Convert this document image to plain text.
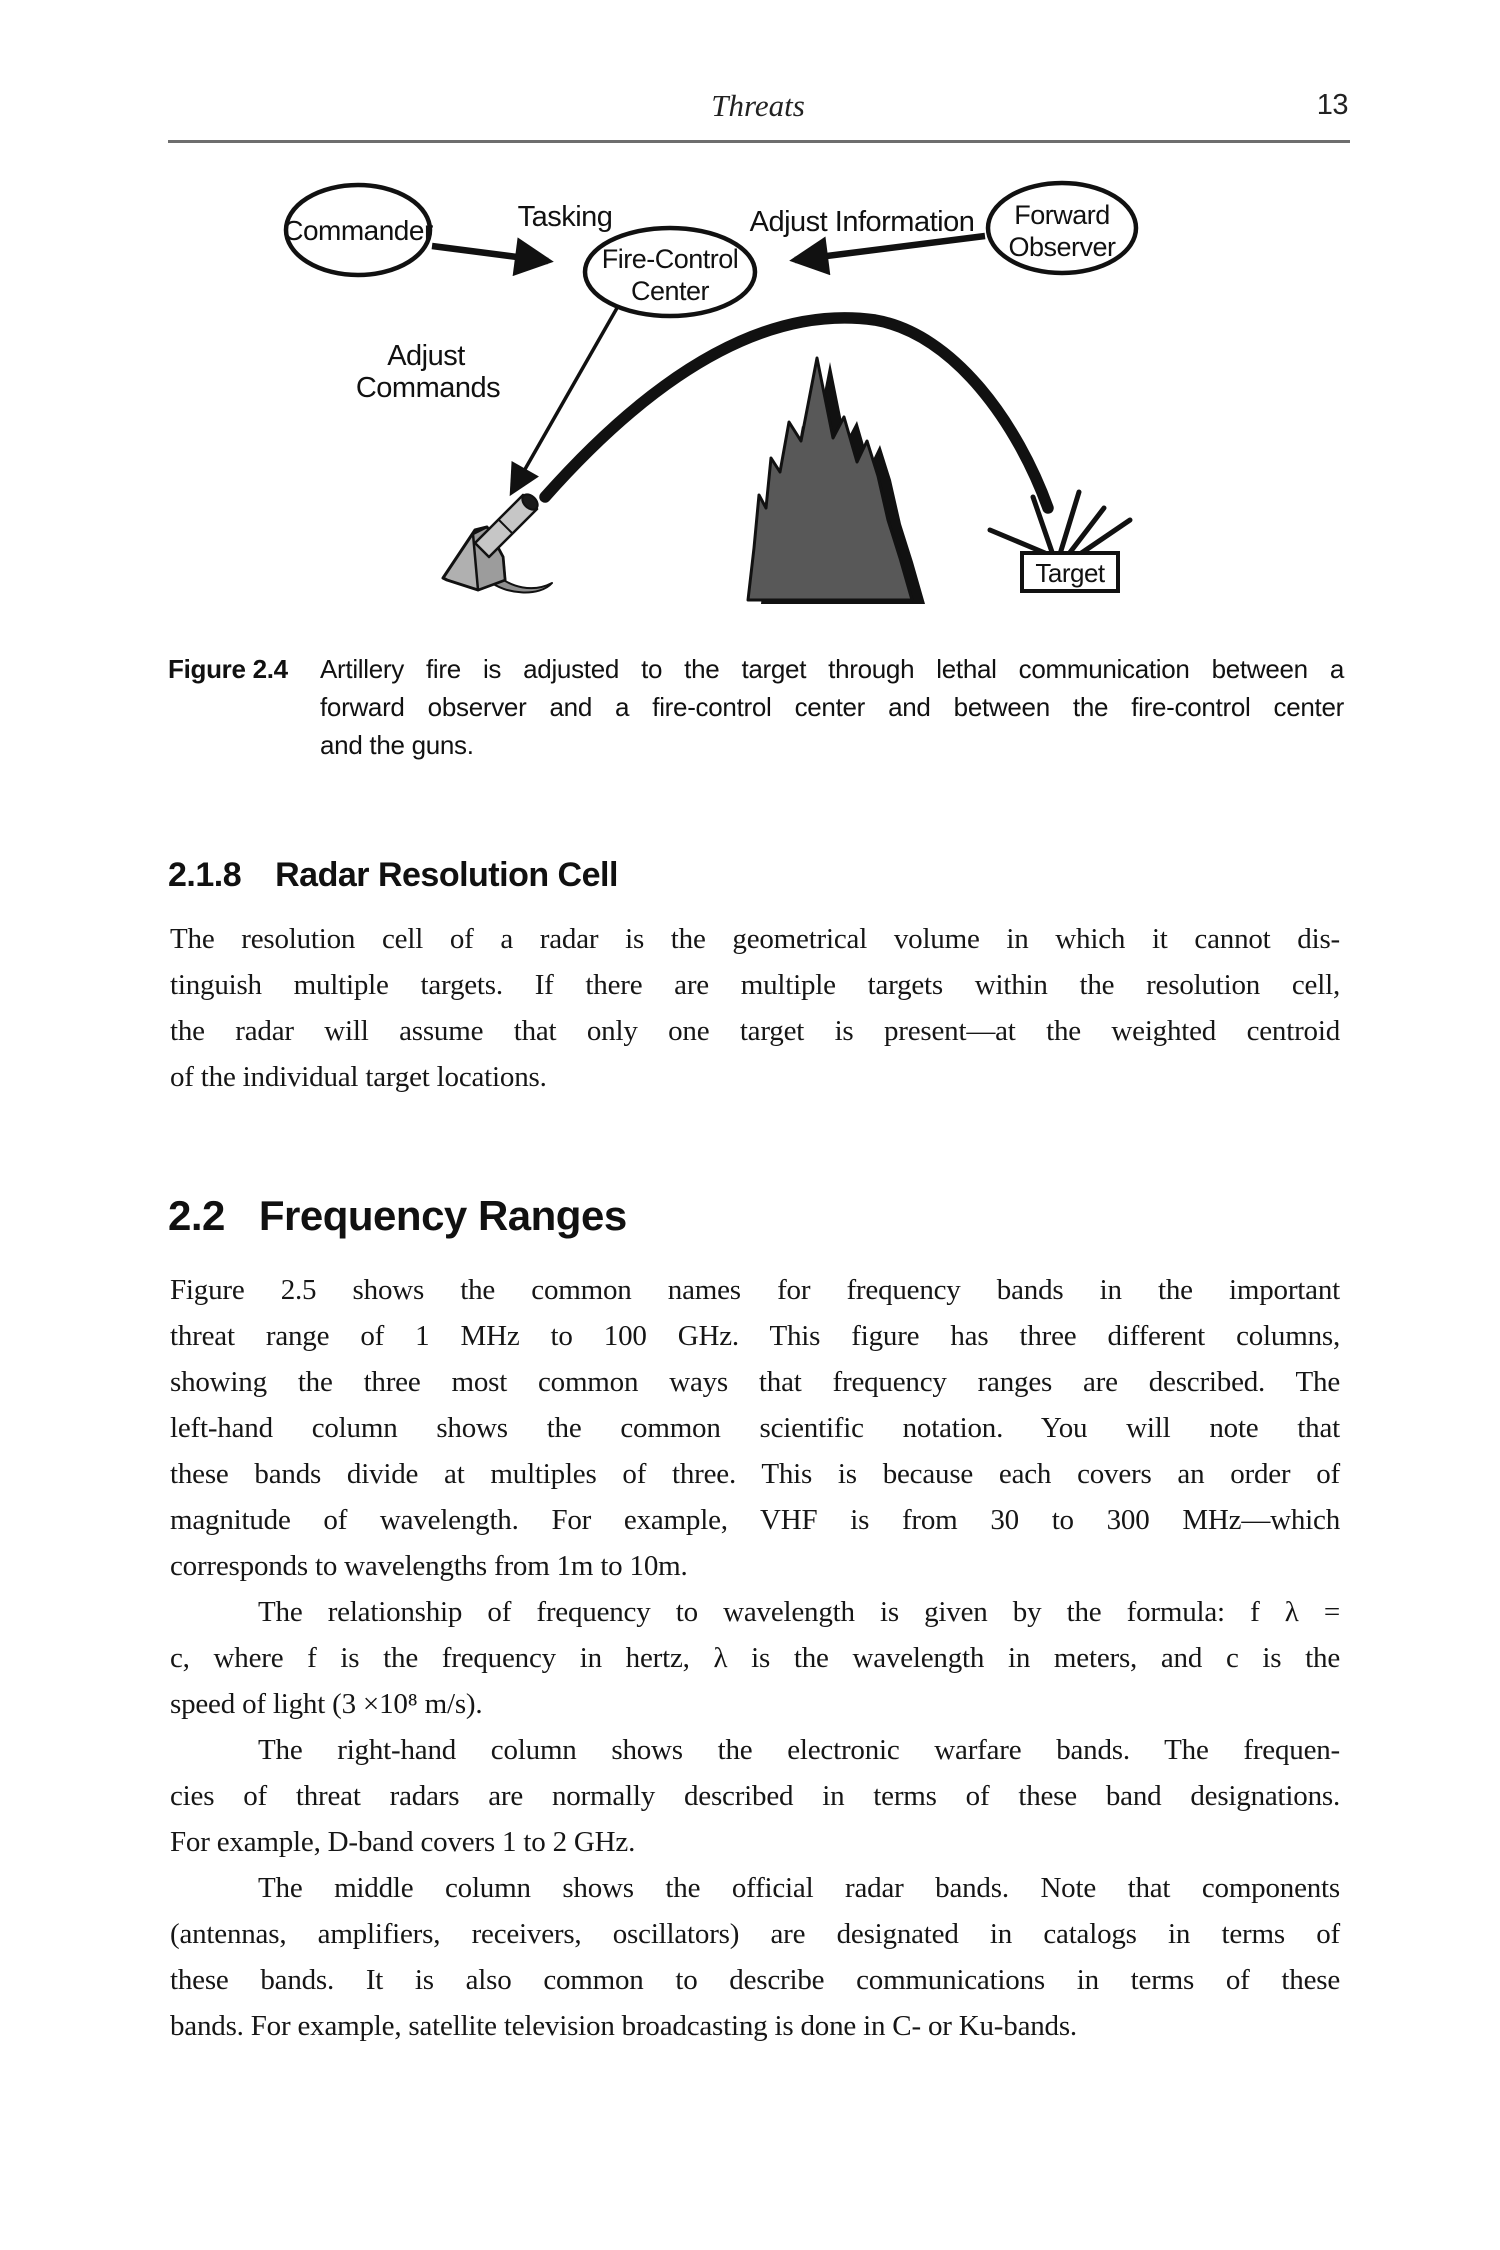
Threats	13
Target
Commander
Fire-Control
Center
Forward
Observer
Tasking	Adjust Information
Adjust
Commands
Figure 2.4	Artillery fire is adjusted to the target through lethal communication between a
forward observer and a fire-control center and between the fire-control center
and the guns.
2.1.8 Radar Resolution Cell
The resolution cell of a radar is the geometrical volume in which it cannot dis-
tinguish multiple targets. If there are multiple targets within the resolution cell,
the radar will assume that only one target is present—at the weighted centroid
of the individual target locations.
2.2 Frequency Ranges
Figure 2.5 shows the common names for frequency bands in the important
threat range of 1 MHz to 100 GHz. This figure has three different columns,
showing the three most common ways that frequency ranges are described. The
left-hand column shows the common scientific notation. You will note that
these bands divide at multiples of three. This is because each covers an order of
magnitude of wavelength. For example, VHF is from 30 to 300 MHz—which
corresponds to wavelengths from 1m to 10m.
The relationship of frequency to wavelength is given by the formula: f λ =
c, where f is the frequency in hertz, λ is the wavelength in meters, and c is the
speed of light (3 ×10⁸ m/s).
The right-hand column shows the electronic warfare bands. The frequen-
cies of threat radars are normally described in terms of these band designations.
For example, D-band covers 1 to 2 GHz.
The middle column shows the official radar bands. Note that components
(antennas, amplifiers, receivers, oscillators) are designated in catalogs in terms of
these bands. It is also common to describe communications in terms of these
bands. For example, satellite television broadcasting is done in C- or Ku-bands.
